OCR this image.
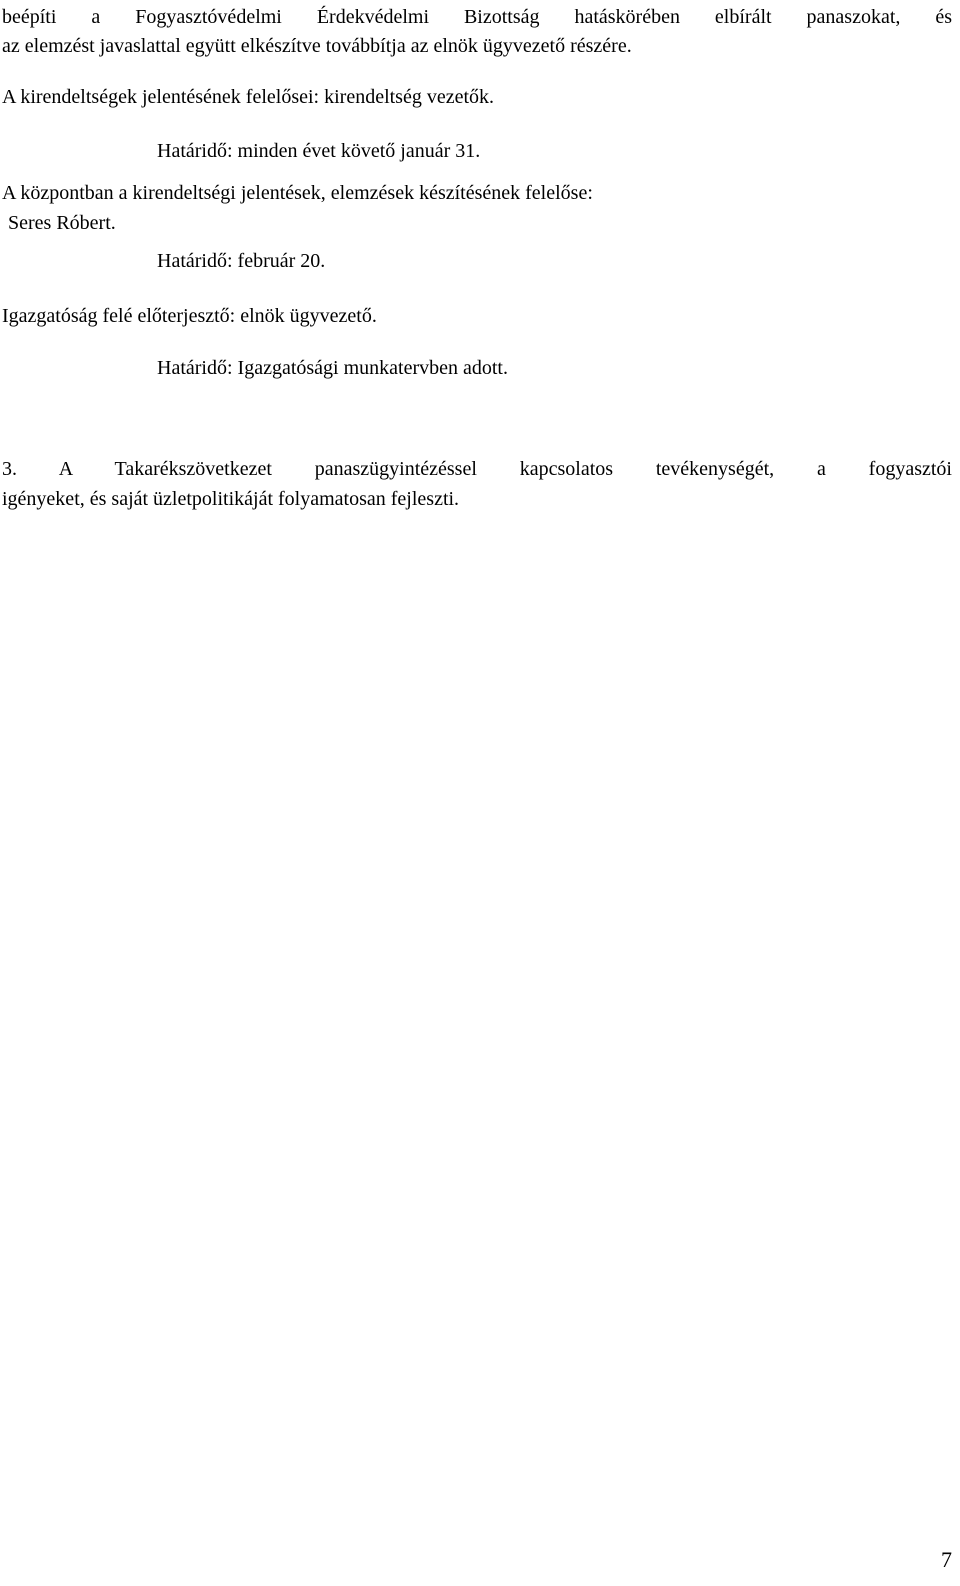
beépíti a Fogyasztóvédelmi Érdekvédelmi Bizottság hatáskörében elbírált panaszokat, és
az elemzést javaslattal együtt elkészítve továbbítja az elnök ügyvezető részére.
A kirendeltségek jelentésének felelősei: kirendeltség vezetők.
Határidő: minden évet követő január 31.
A központban a kirendeltségi jelentések, elemzések készítésének felelőse:
Seres Róbert.
Határidő: február 20.
Igazgatóság felé előterjesztő: elnök ügyvezető.
Határidő: Igazgatósági munkatervben adott.
3. A Takarékszövetkezet panaszügyintézéssel kapcsolatos tevékenységét, a fogyasztói
igényeket, és saját üzletpolitikáját folyamatosan fejleszti.
7
